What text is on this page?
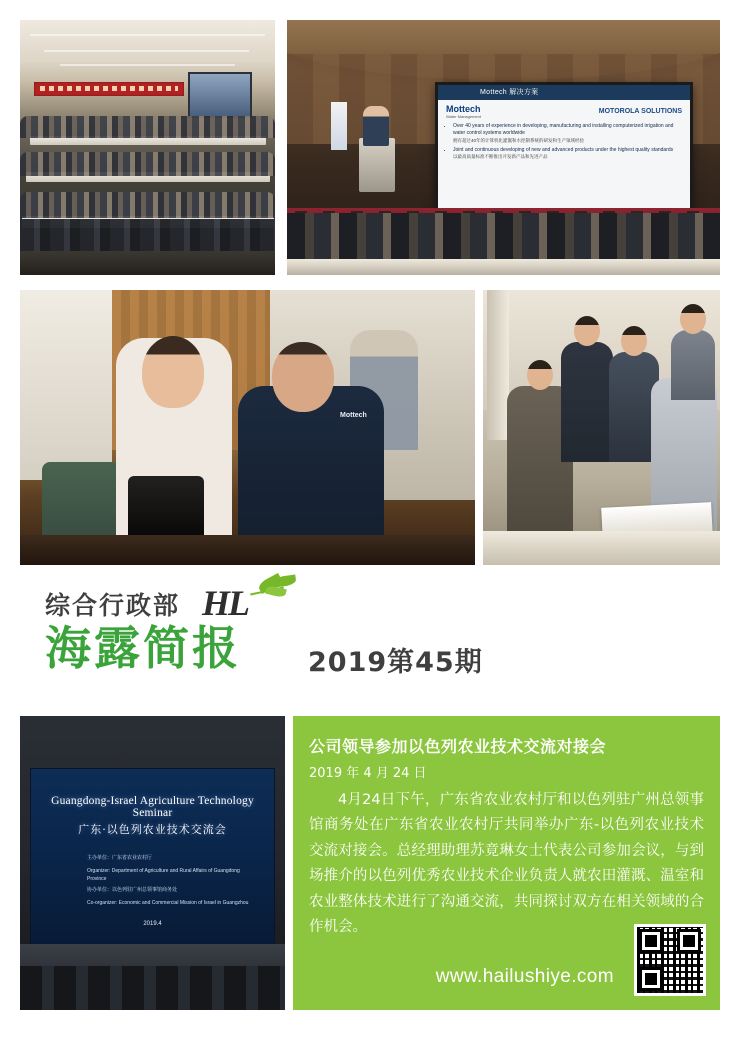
Mottech 解决方案
Mottech
Water Management
MOTOROLA SOLUTIONS
• Over 40 years of experience in developing, manufacturing and installing computerized irrigation and water control systems worldwide
拥有超过40年的计算机化灌溉和水控制系统的研发和生产领域经验
• Joint and continuous developing of new and advanced products under the highest quality standards
以最高质量标准不断推出开发新产品和先进产品
Mottech
综合行政部 HL
海露简报 2019第45期
Guangdong-Israel Agriculture Technology Seminar
广东·以色列农业技术交流会
主办单位：广东省农业农村厅
Organizer: Department of Agriculture and Rural Affairs of Guangdong Province
协办单位：以色列驻广州总领事馆商务处
Co-organizer: Economic and Commercial Mission of Israel in Guangzhou
2019.4
公司领导参加以色列农业技术交流对接会
2019 年 4 月 24 日
4月24日下午，广东省农业农村厅和以色列驻广州总领事馆商务处在广东省农业农村厅共同举办广东-以色列农业技术交流对接会。总经理助理苏竟琳女士代表公司参加会议，与到场推介的以色列优秀农业技术企业负责人就农田灌溉、温室和农业整体技术进行了沟通交流，共同探讨双方在相关领域的合作机会。
www.hailushiye.com
